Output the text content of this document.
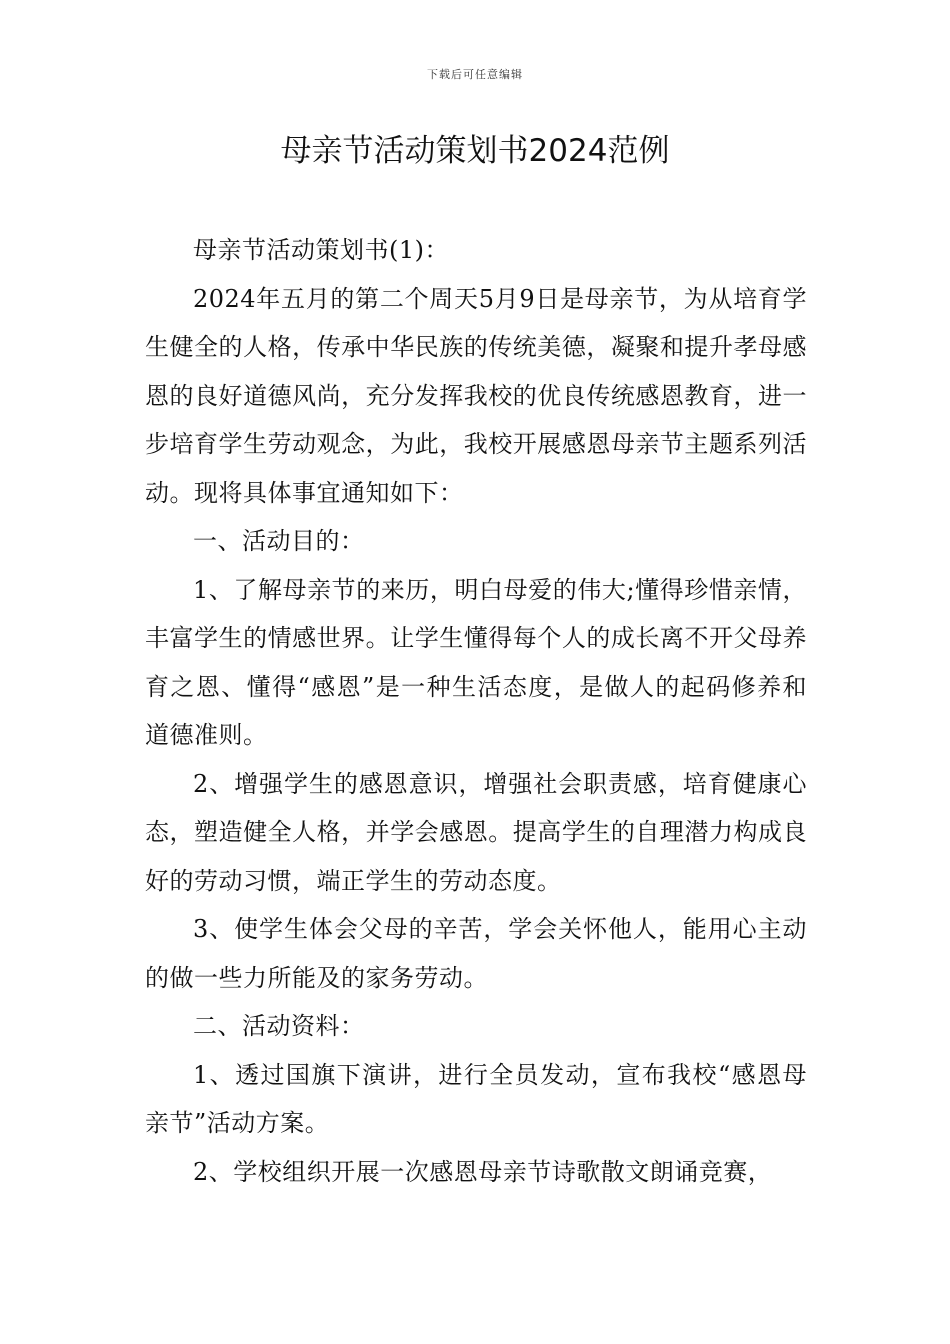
下载后可任意编辑
母亲节活动策划书2024范例

母亲节活动策划书(1)：

2024年五月的第二个周天5月9日是母亲节，为从培育学生健全的人格，传承中华民族的传统美德，凝聚和提升孝母感恩的良好道德风尚，充分发挥我校的优良传统感恩教育，进一步培育学生劳动观念，为此，我校开展感恩母亲节主题系列活动。现将具体事宜通知如下：

一、活动目的：

1、了解母亲节的来历，明白母爱的伟大;懂得珍惜亲情，丰富学生的情感世界。让学生懂得每个人的成长离不开父母养育之恩、懂得“感恩”是一种生活态度，是做人的起码修养和道德准则。

2、增强学生的感恩意识，增强社会职责感，培育健康心态，塑造健全人格，并学会感恩。提高学生的自理潜力构成良好的劳动习惯，端正学生的劳动态度。

3、使学生体会父母的辛苦，学会关怀他人，能用心主动的做一些力所能及的家务劳动。

二、活动资料：

1、透过国旗下演讲，进行全员发动，宣布我校“感恩母亲节”活动方案。

2、学校组织开展一次感恩母亲节诗歌散文朗诵竞赛，
